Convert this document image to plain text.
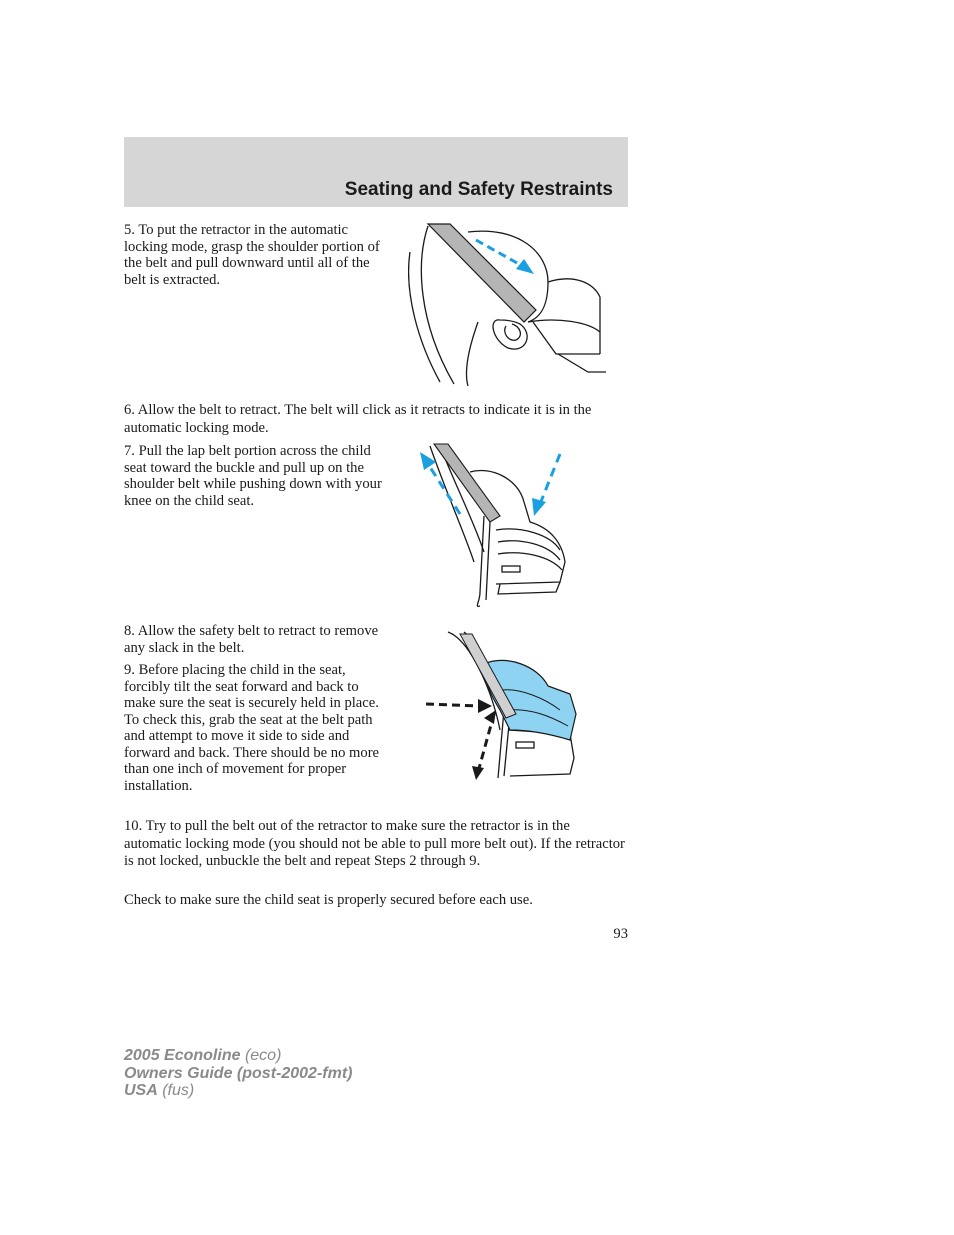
Seating and Safety Restraints

5. To put the retractor in the automatic locking mode, grasp the shoulder portion of the belt and pull downward until all of the belt is extracted.

6. Allow the belt to retract. The belt will click as it retracts to indicate it is in the automatic locking mode.

7. Pull the lap belt portion across the child seat toward the buckle and pull up on the shoulder belt while pushing down with your knee on the child seat.

8. Allow the safety belt to retract to remove any slack in the belt.

9. Before placing the child in the seat, forcibly tilt the seat forward and back to make sure the seat is securely held in place. To check this, grab the seat at the belt path and attempt to move it side to side and forward and back. There should be no more than one inch of movement for proper installation.

10. Try to pull the belt out of the retractor to make sure the retractor is in the automatic locking mode (you should not be able to pull more belt out). If the retractor is not locked, unbuckle the belt and repeat Steps 2 through 9.

Check to make sure the child seat is properly secured before each use.

93
2005 Econoline (eco)
Owners Guide (post-2002-fmt)
USA (fus)
